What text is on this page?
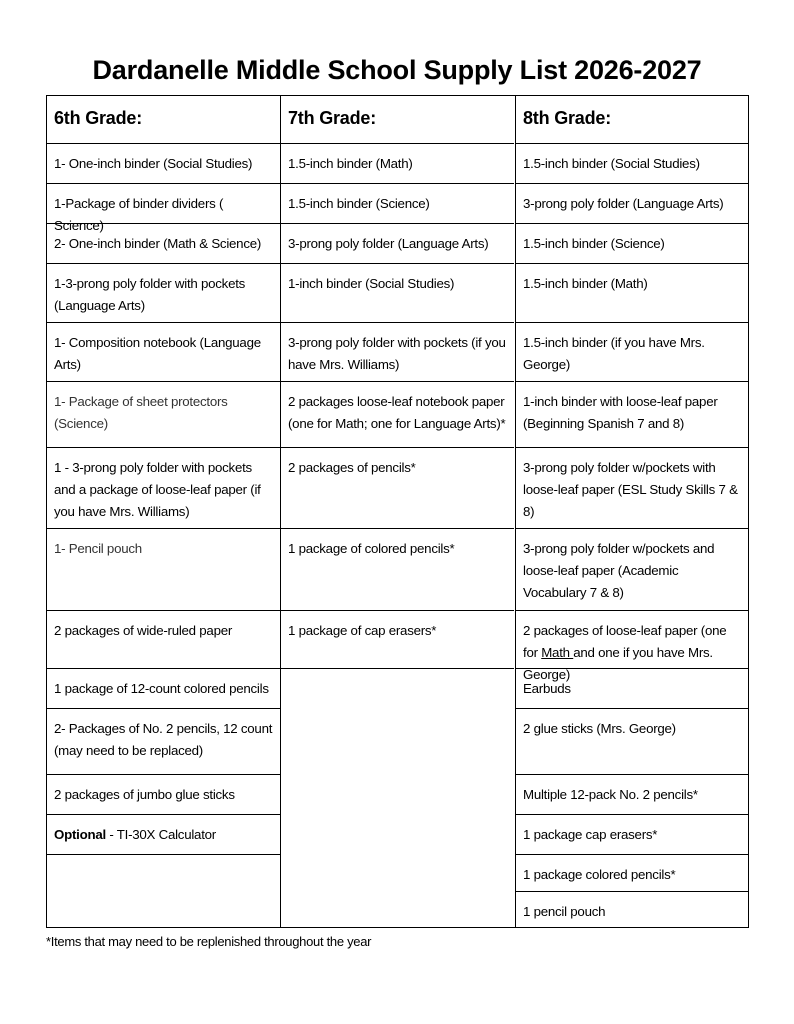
Dardanelle Middle School Supply List 2026-2027
6th Grade:
1- One-inch binder (Social Studies)
1-Package of binder dividers ( Science)
2- One-inch binder (Math & Science)
1-3-prong poly folder with pockets (Language Arts)
1- Composition notebook (Language Arts)
1- Package of sheet protectors (Science)
1 - 3-prong poly folder with pockets and a package of loose-leaf paper (if you have Mrs. Williams)
1- Pencil pouch
2 packages of wide-ruled paper
1 package of 12-count colored pencils
2- Packages of No. 2 pencils, 12 count (may need to be replaced)
2 packages of jumbo glue sticks
Optional - TI-30X Calculator
7th Grade:
1.5-inch binder (Math)
1.5-inch binder (Science)
3-prong poly folder (Language Arts)
1-inch binder (Social Studies)
3-prong poly folder with pockets (if you have Mrs. Williams)
2 packages loose-leaf notebook paper (one for Math; one for Language Arts)*
2 packages of pencils*
1 package of colored pencils*
1 package of cap erasers*
8th Grade:
1.5-inch binder (Social Studies)
3-prong poly folder (Language Arts)
1.5-inch binder (Science)
1.5-inch binder (Math)
1.5-inch binder (if you have Mrs. George)
1-inch binder with loose-leaf paper (Beginning Spanish 7 and 8)
3-prong poly folder w/pockets with loose-leaf paper (ESL Study Skills 7 & 8)
3-prong poly folder w/pockets and loose-leaf paper (Academic Vocabulary 7 & 8)
2 packages of loose-leaf paper (one for Math and one if you have Mrs. George)
Earbuds
2 glue sticks (Mrs. George)
Multiple 12-pack No. 2 pencils*
1 package cap erasers*
1 package colored pencils*
1 pencil pouch
*Items that may need to be replenished throughout the year
